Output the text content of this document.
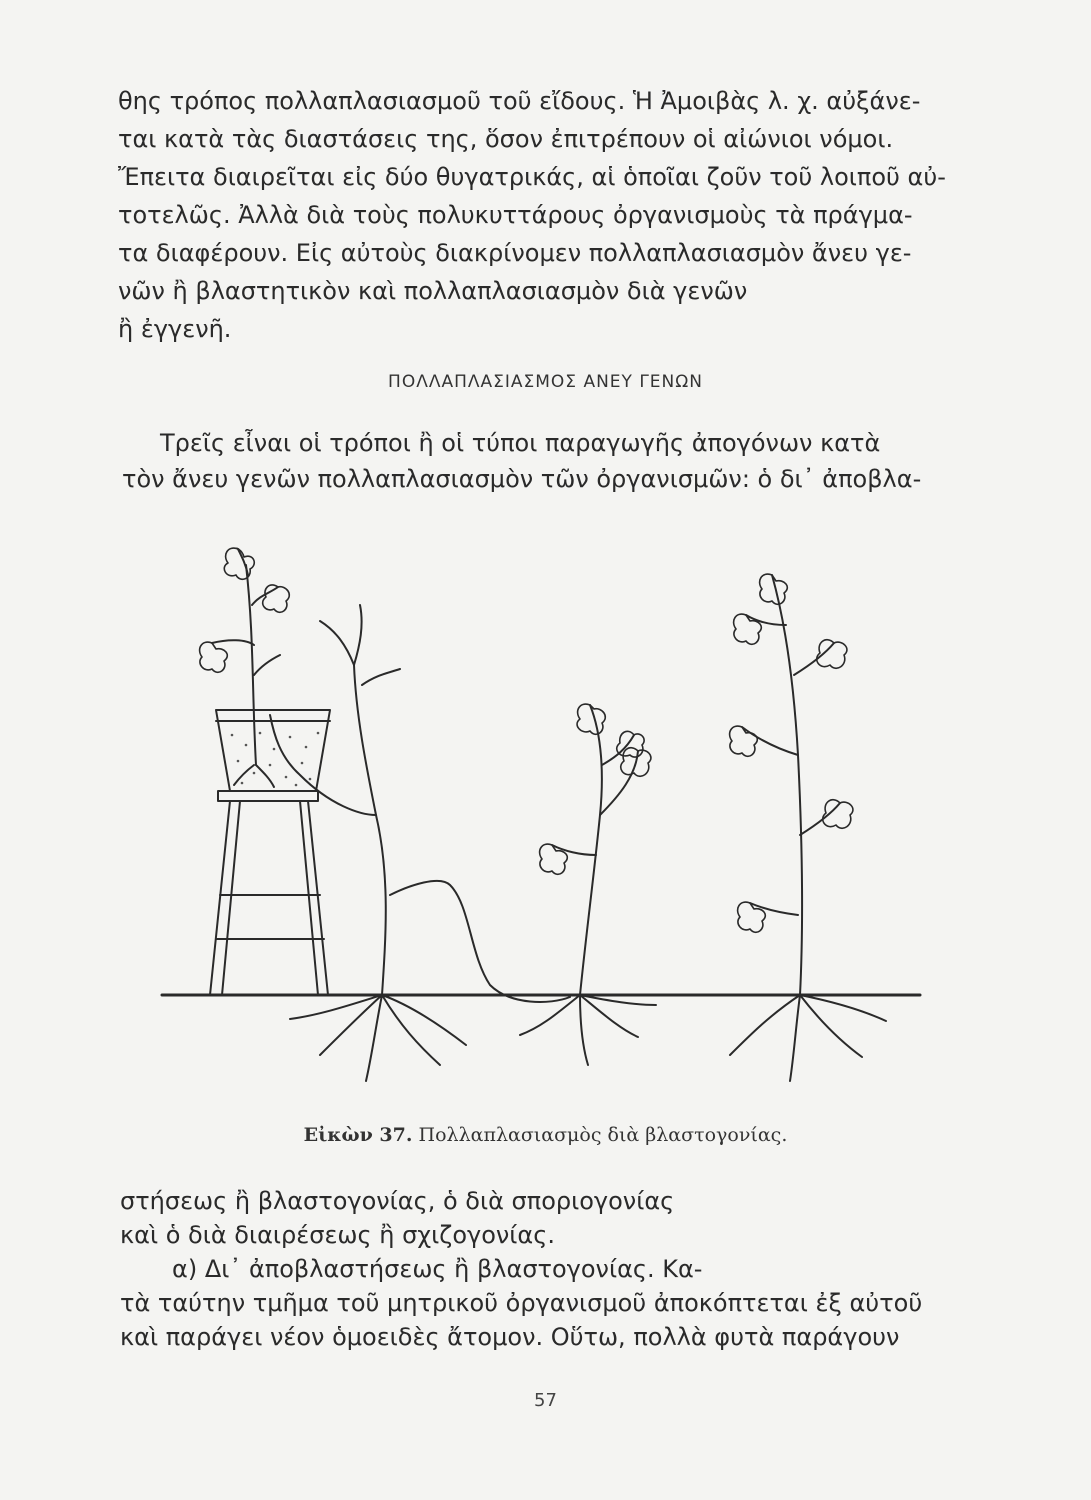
θης τρόπος πολλαπλασιασμοῦ τοῦ εἴδους. Ἡ Ἀμοιβὰς λ. χ. αὐξάνε-
ται κατὰ τὰς διαστάσεις της, ὅσον ἐπιτρέπουν οἱ αἰώνιοι νόμοι.
Ἔπειτα διαιρεῖται εἰς δύο θυγατρικάς, αἱ ὁποῖαι ζοῦν τοῦ λοιποῦ αὐ-
τοτελῶς. Ἀλλὰ διὰ τοὺς πολυκυττάρους ὀργανισμοὺς τὰ πράγμα-
τα διαφέρουν. Εἰς αὐτοὺς διακρίνομεν πολλαπλασιασμὸν ἄνευ γε-
νῶν ἢ βλαστητικὸν καὶ πολλαπλασιασμὸν διὰ γενῶν
ἢ ἐγγενῆ.
ΠΟΛΛΑΠΛΑΣΙΑΣΜΟΣ ΑΝΕΥ ΓΕΝΩΝ
Τρεῖς εἶναι οἱ τρόποι ἢ οἱ τύποι παραγωγῆς ἀπογόνων κατὰ
τὸν ἄνευ γενῶν πολλαπλασιασμὸν τῶν ὀργανισμῶν: ὁ δι᾽ ἀποβλα-
Εἰκὼν 37. Πολλαπλασιασμὸς διὰ βλαστογονίας.
στήσεως ἢ βλαστογονίας, ὁ διὰ σποριογονίας
καὶ ὁ διὰ διαιρέσεως ἢ σχιζογονίας.
α) Δι᾽ ἀποβλαστήσεως ἢ βλαστογονίας. Κα-
τὰ ταύτην τμῆμα τοῦ μητρικοῦ ὀργανισμοῦ ἀποκόπτεται ἐξ αὐτοῦ
καὶ παράγει νέον ὁμοειδὲς ἄτομον. Οὕτω, πολλὰ φυτὰ παράγουν
57
